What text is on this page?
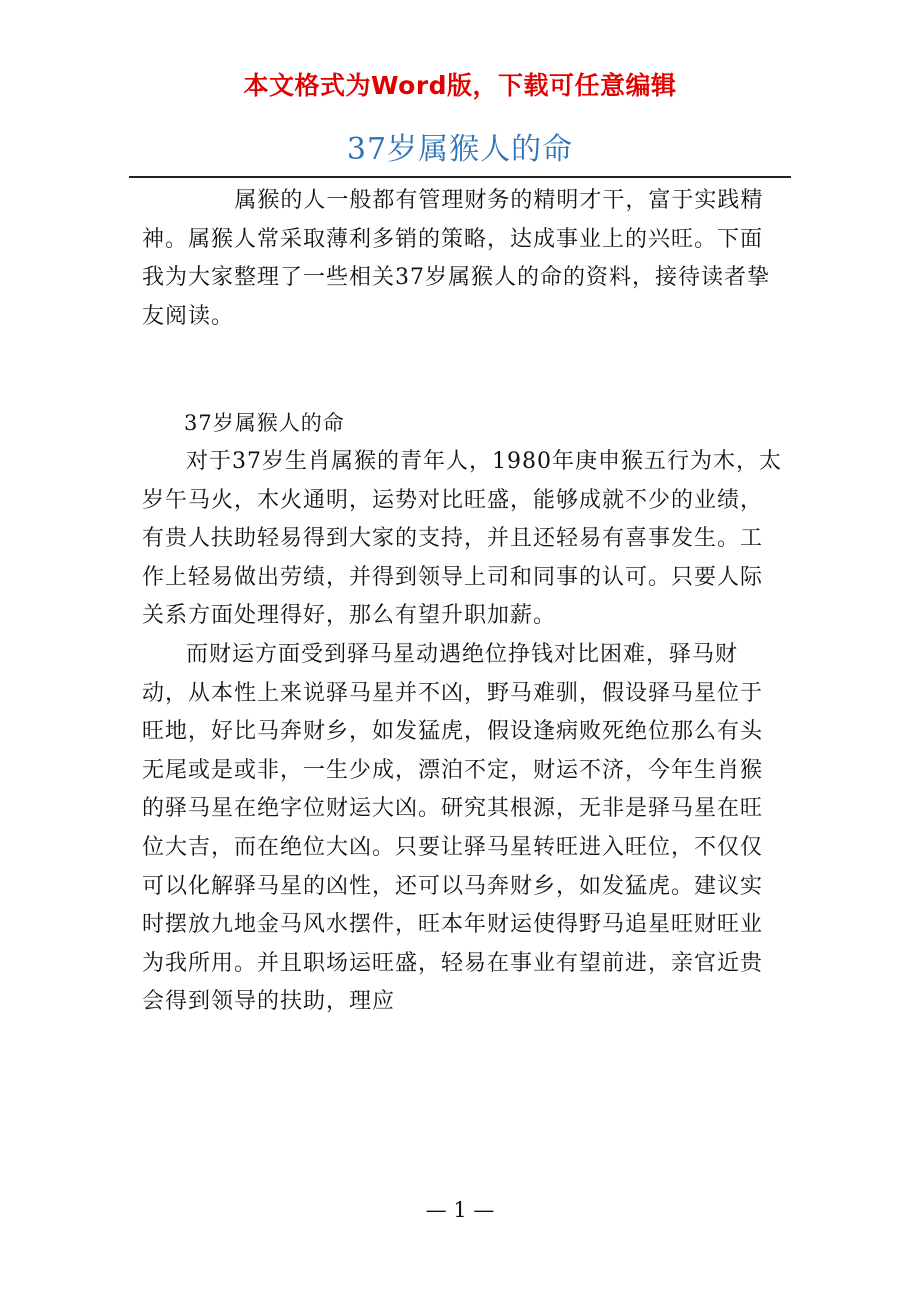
本文格式为Word版，下载可任意编辑
37岁属猴人的命

属猴的人一般都有管理财务的精明才干，富于实践精神。属猴人常采取薄利多销的策略，达成事业上的兴旺。下面我为大家整理了一些相关37岁属猴人的命的资料，接待读者挚友阅读。

37岁属猴人的命

对于37岁生肖属猴的青年人，1980年庚申猴五行为木，太岁午马火，木火通明，运势对比旺盛，能够成就不少的业绩，有贵人扶助轻易得到大家的支持，并且还轻易有喜事发生。工作上轻易做出劳绩，并得到领导上司和同事的认可。只要人际关系方面处理得好，那么有望升职加薪。

而财运方面受到驿马星动遇绝位挣钱对比困难，驿马财动，从本性上来说驿马星并不凶，野马难驯，假设驿马星位于旺地，好比马奔财乡，如发猛虎，假设逢病败死绝位那么有头无尾或是或非，一生少成，漂泊不定，财运不济，今年生肖猴的驿马星在绝字位财运大凶。研究其根源，无非是驿马星在旺位大吉，而在绝位大凶。只要让驿马星转旺进入旺位，不仅仅可以化解驿马星的凶性，还可以马奔财乡，如发猛虎。建议实时摆放九地金马风水摆件，旺本年财运使得野马追星旺财旺业为我所用。并且职场运旺盛，轻易在事业有望前进，亲官近贵会得到领导的扶助，理应

— 1 —
